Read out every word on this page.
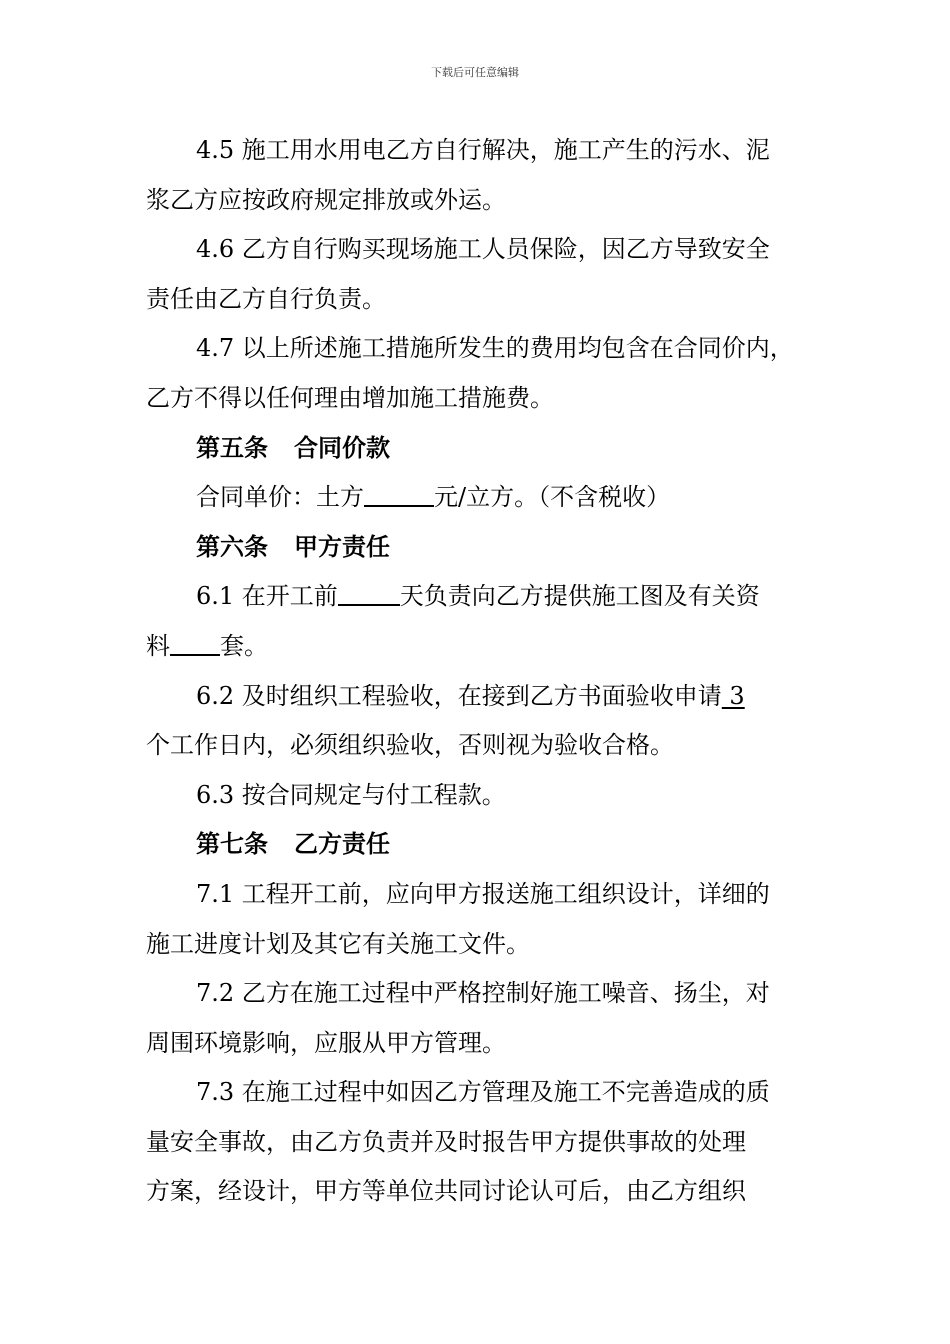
下载后可任意编辑
4.5 施工用水用电乙方自行解决，施工产生的污水、泥
浆乙方应按政府规定排放或外运。
4.6 乙方自行购买现场施工人员保险，因乙方导致安全
责任由乙方自行负责。
4.7 以上所述施工措施所发生的费用均包含在合同价内，
乙方不得以任何理由增加施工措施费。
第五条 合同价款
合同单价：土方	元/立方。（不含税收）
第六条 甲方责任
6.1 在开工前	天负责向乙方提供施工图及有关资
料 套。
6.2 及时组织工程验收，在接到乙方书面验收申请 3
个工作日内，必须组织验收，否则视为验收合格。
6.3 按合同规定与付工程款。
第七条 乙方责任
7.1 工程开工前，应向甲方报送施工组织设计，详细的
施工进度计划及其它有关施工文件。
7.2 乙方在施工过程中严格控制好施工噪音、扬尘，对
周围环境影响，应服从甲方管理。
7.3 在施工过程中如因乙方管理及施工不完善造成的质
量安全事故，由乙方负责并及时报告甲方提供事故的处理
方案，经设计，甲方等单位共同讨论认可后，由乙方组织
